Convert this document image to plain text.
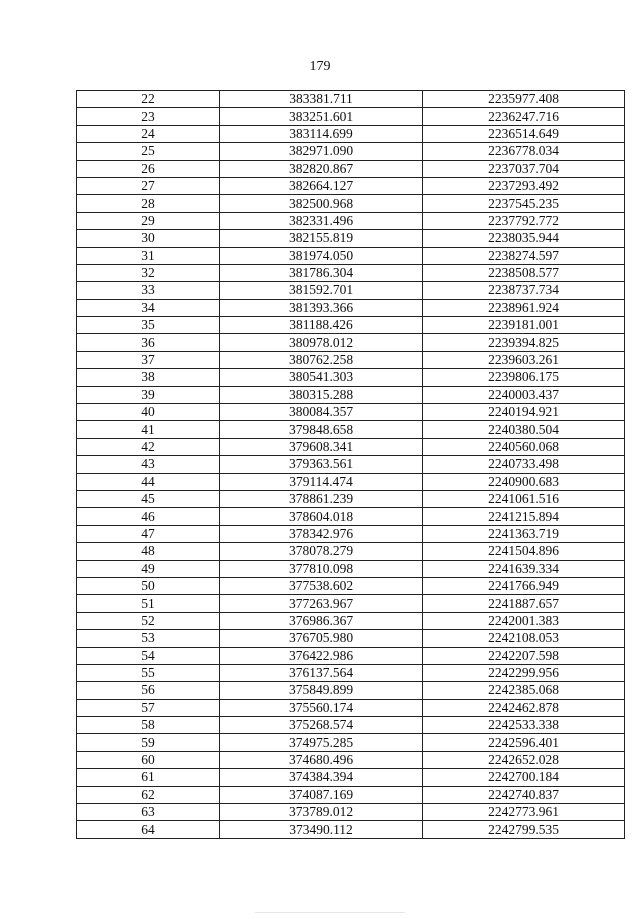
179
22	383381.711	2235977.408
23	383251.601	2236247.716
24	383114.699	2236514.649
25	382971.090	2236778.034
26	382820.867	2237037.704
27	382664.127	2237293.492
28	382500.968	2237545.235
29	382331.496	2237792.772
30	382155.819	2238035.944
31	381974.050	2238274.597
32	381786.304	2238508.577
33	381592.701	2238737.734
34	381393.366	2238961.924
35	381188.426	2239181.001
36	380978.012	2239394.825
37	380762.258	2239603.261
38	380541.303	2239806.175
39	380315.288	2240003.437
40	380084.357	2240194.921
41	379848.658	2240380.504
42	379608.341	2240560.068
43	379363.561	2240733.498
44	379114.474	2240900.683
45	378861.239	2241061.516
46	378604.018	2241215.894
47	378342.976	2241363.719
48	378078.279	2241504.896
49	377810.098	2241639.334
50	377538.602	2241766.949
51	377263.967	2241887.657
52	376986.367	2242001.383
53	376705.980	2242108.053
54	376422.986	2242207.598
55	376137.564	2242299.956
56	375849.899	2242385.068
57	375560.174	2242462.878
58	375268.574	2242533.338
59	374975.285	2242596.401
60	374680.496	2242652.028
61	374384.394	2242700.184
62	374087.169	2242740.837
63	373789.012	2242773.961
64	373490.112	2242799.535
